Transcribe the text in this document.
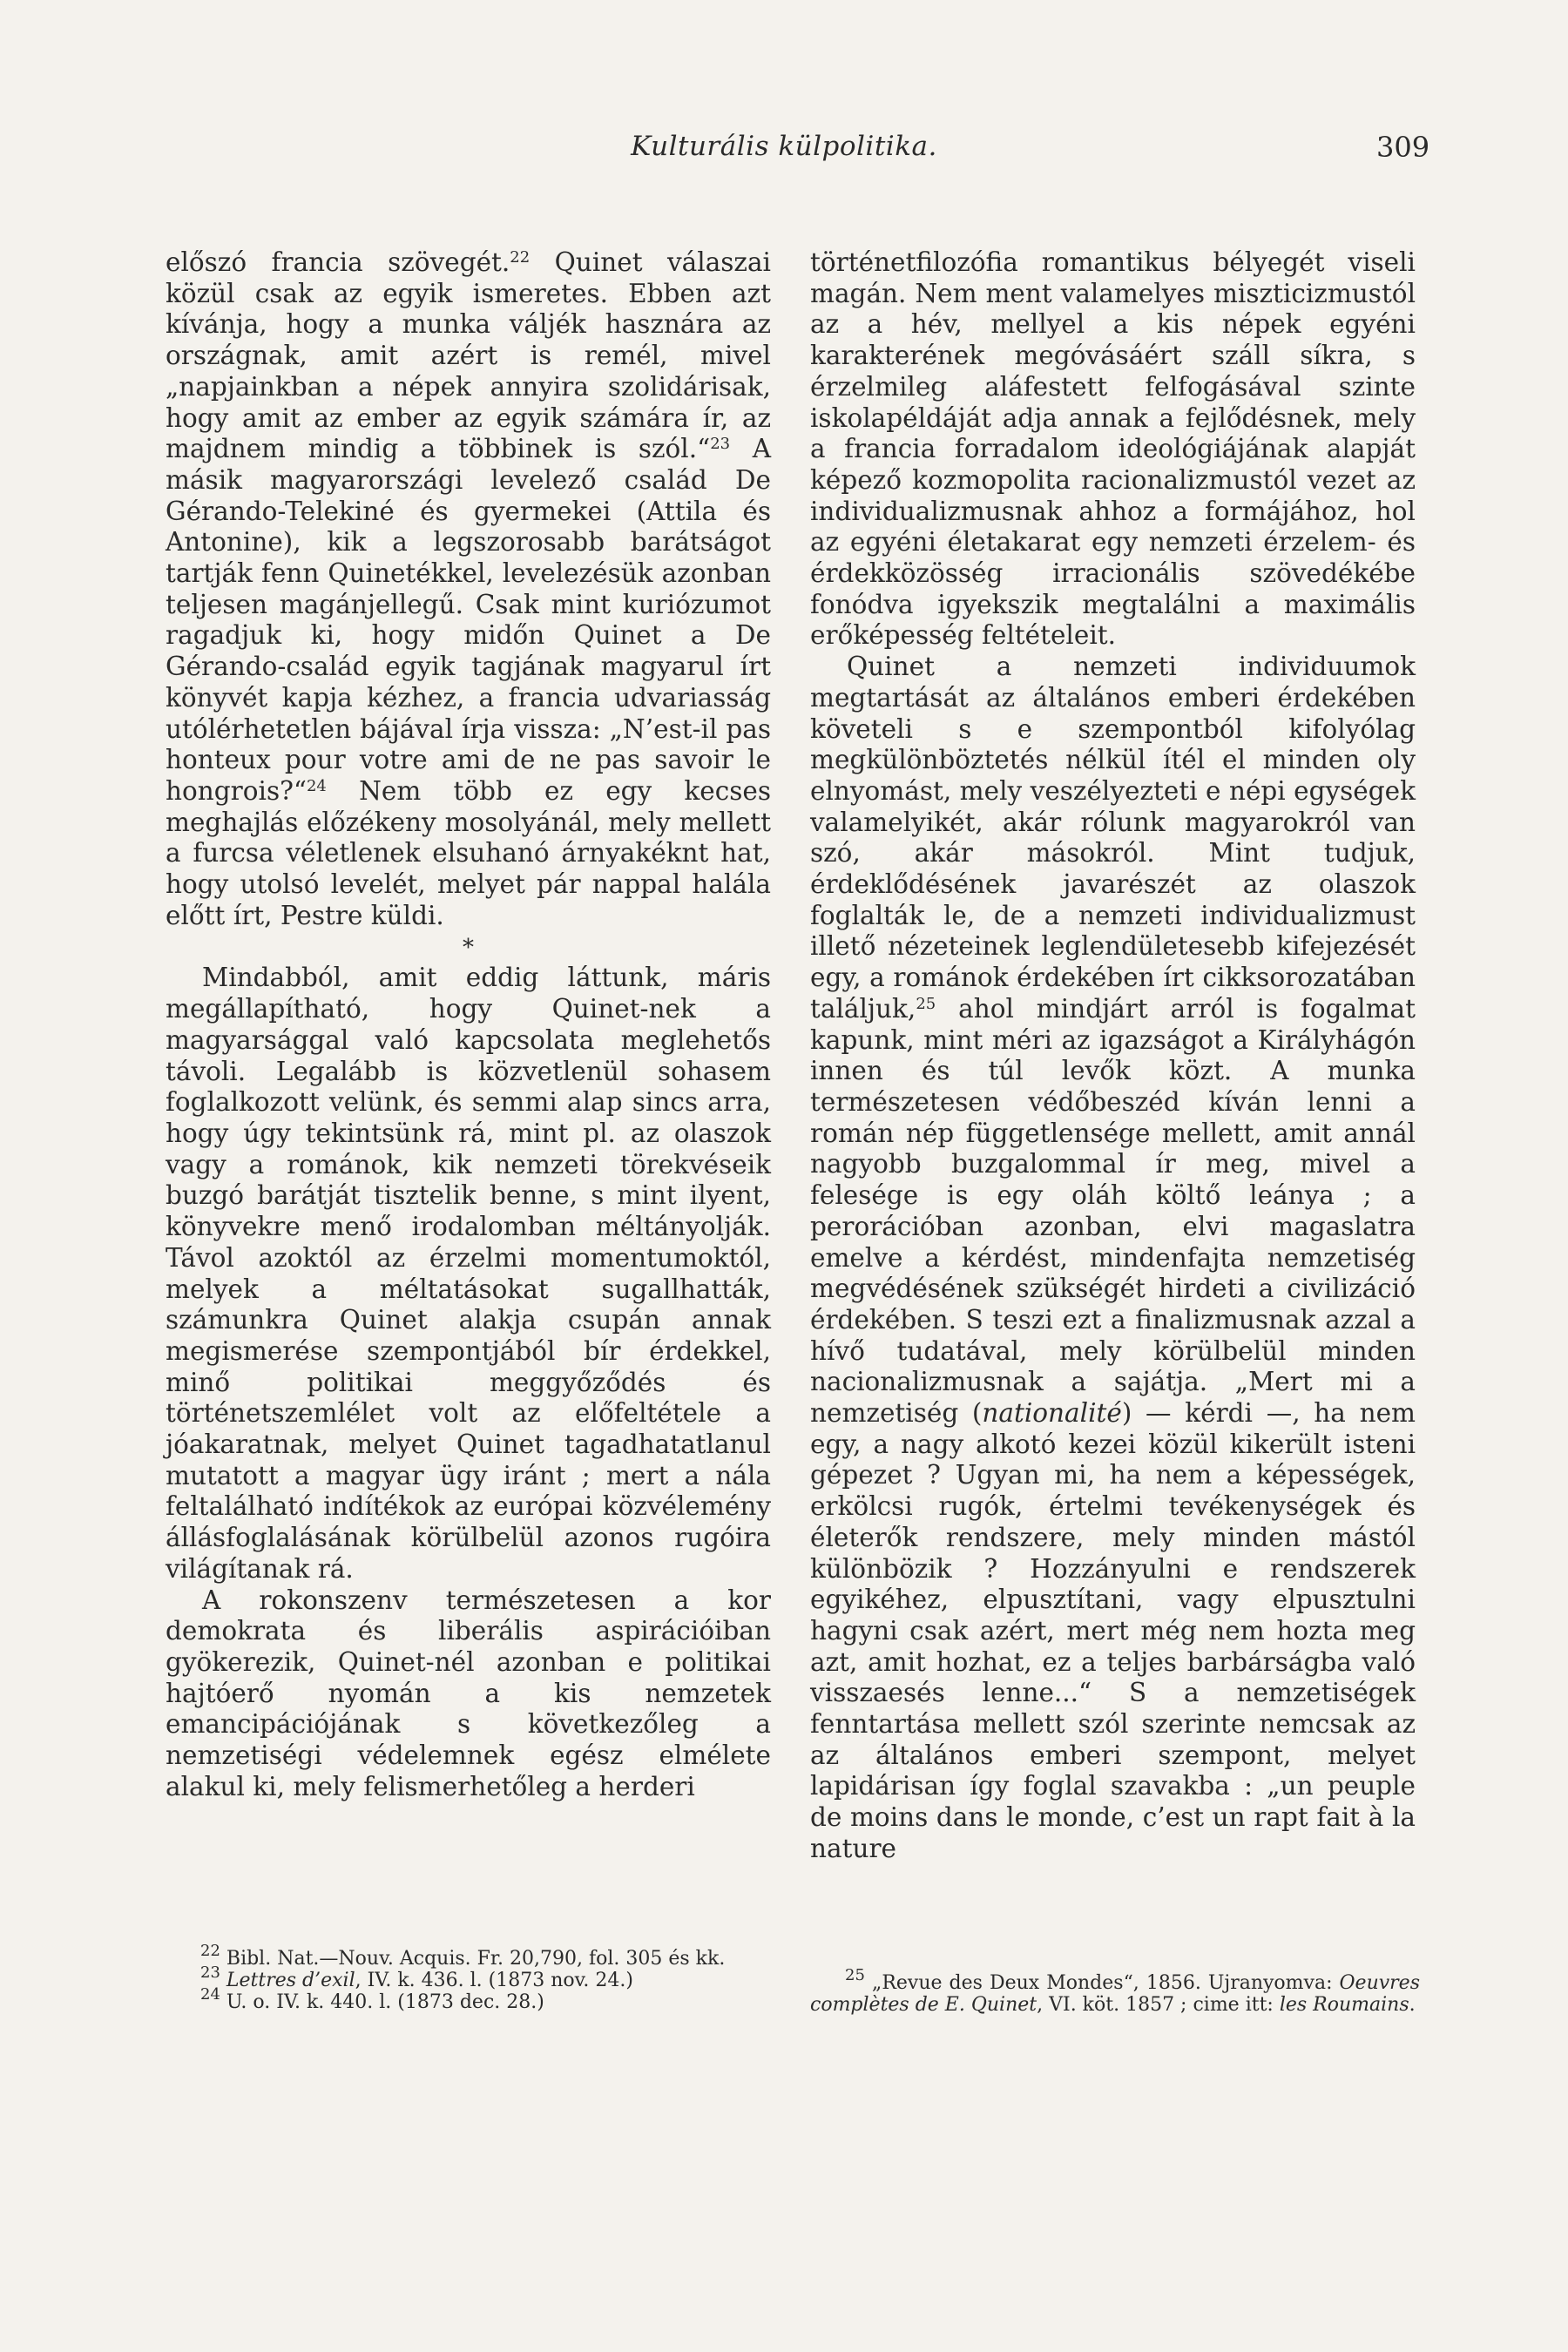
Kulturális külpolitika.	309

előszó francia szövegét.$^{22}$ Quinet válaszai közül csak az egyik ismeretes. Ebben azt kívánja, hogy a munka váljék hasznára az országnak, amit azért is remél, mivel „napjainkban a népek annyira szolidárisak, hogy amit az ember az egyik számára ír, az majdnem mindig a többinek is szól.“$^{23}$ A másik magyarországi levelező család De Gérando-Telekiné és gyermekei (Attila és Antonine), kik a legszorosabb barátságot tartják fenn Quinetékkel, levelezésük azonban teljesen magánjellegű. Csak mint kuriózumot ragadjuk ki, hogy midőn Quinet a De Gérando-család egyik tagjának magyarul írt könyvét kapja kézhez, a francia udvariasság utólérhetetlen bájával írja vissza: „N’est-il pas honteux pour votre ami de ne pas savoir le hongrois?“$^{24}$ Nem több ez egy kecses meghajlás előzékeny mosolyánál, mely mellett a furcsa véletlenek elsuhanó árnyakéknt hat, hogy utolsó levelét, melyet pár nappal halála előtt írt, Pestre küldi.

*

Mindabból, amit eddig láttunk, máris megállapítható, hogy Quinet-nek a magyarsággal való kapcsolata meglehetős távoli. Legalább is közvetlenül sohasem foglalkozott velünk, és semmi alap sincs arra, hogy úgy tekintsünk rá, mint pl. az olaszok vagy a románok, kik nemzeti törekvéseik buzgó barátját tisztelik benne, s mint ilyent, könyvekre menő irodalomban méltányolják. Távol azoktól az érzelmi momentumoktól, melyek a méltatásokat sugallhatták, számunkra Quinet alakja csupán annak megismerése szempontjából bír érdekkel, minő politikai meggyőződés és történetszemlélet volt az előfeltétele a jóakaratnak, melyet Quinet tagadhatatlanul mutatott a magyar ügy iránt ; mert a nála feltalálható indítékok az európai közvélemény állásfoglalásának körülbelül azonos rugóira világítanak rá.

A rokonszenv természetesen a kor demokrata és liberális aspirációiban gyökerezik, Quinet-nél azonban e politikai hajtóerő nyomán a kis nemzetek emancipációjának s következőleg a nemzetiségi védelemnek egész elmélete alakul ki, mely felismerhetőleg a herderi

történetfilozófia romantikus bélyegét viseli magán. Nem ment valamelyes miszticizmustól az a hév, mellyel a kis népek egyéni karakterének megóvásáért száll síkra, s érzelmileg aláfestett felfogásával szinte iskolapéldáját adja annak a fejlődésnek, mely a francia forradalom ideológiájának alapját képező kozmopolita racionalizmustól vezet az individualizmusnak ahhoz a formájához, hol az egyéni életakarat egy nemzeti érzelem- és érdekközösség irracionális szövedékébe fonódva igyekszik megtalálni a maximális erőképesség feltételeit.

Quinet a nemzeti individuumok megtartását az általános emberi érdekében követeli s e szempontból kifolyólag megkülönböztetés nélkül ítél el minden oly elnyomást, mely veszélyezteti e népi egységek valamelyikét, akár rólunk magyarokról van szó, akár másokról. Mint tudjuk, érdeklődésének javarészét az olaszok foglalták le, de a nemzeti individualizmust illető nézeteinek leglendületesebb kifejezését egy, a románok érdekében írt cikksorozatában találjuk,$^{25}$ ahol mindjárt arról is fogalmat kapunk, mint méri az igazságot a Királyhágón innen és túl levők közt. A munka természetesen védőbeszéd kíván lenni a román nép függetlensége mellett, amit annál nagyobb buzgalommal ír meg, mivel a felesége is egy oláh költő leánya ; a perorációban azonban, elvi magaslatra emelve a kérdést, mindenfajta nemzetiség megvédésének szükségét hirdeti a civilizáció érdekében. S teszi ezt a finalizmusnak azzal a hívő tudatával, mely körülbelül minden nacionalizmusnak a sajátja. „Mert mi a nemzetiség (nationalité) — kérdi —, ha nem egy, a nagy alkotó kezei közül kikerült isteni gépezet ? Ugyan mi, ha nem a képességek, erkölcsi rugók, értelmi tevékenységek és életerők rendszere, mely minden mástól különbözik ? Hozzányulni e rendszerek egyikéhez, elpusztítani, vagy elpusztulni hagyni csak azért, mert még nem hozta meg azt, amit hozhat, ez a teljes barbárságba való visszaesés lenne...“ S a nemzetiségek fenntartása mellett szól szerinte nemcsak az az általános emberi szempont, melyet lapidárisan így foglal szavakba : „un peuple de moins dans le monde, c’est un rapt fait à la nature

$^{22}$ Bibl. Nat.—Nouv. Acquis. Fr. 20,790, fol. 305 és kk.

$^{23}$ Lettres d’exil, IV. k. 436. l. (1873 nov. 24.)

$^{24}$ U. o. IV. k. 440. l. (1873 dec. 28.)

$^{25}$ „Revue des Deux Mondes“, 1856. Ujranyomva: Oeuvres complètes de E. Quinet, VI. köt. 1857 ; cime itt: les Roumains.
